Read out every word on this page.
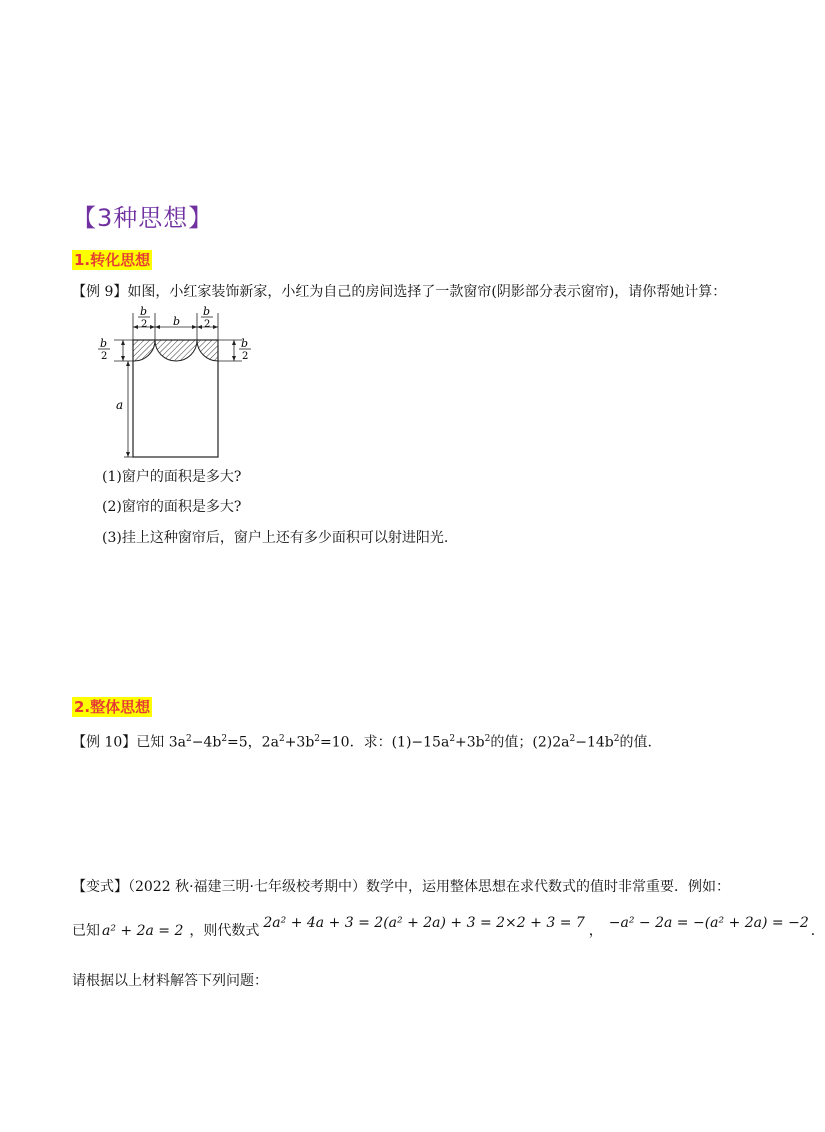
【3种思想】
1.转化思想
【例 9】如图，小红家装饰新家，小红为自己的房间选择了一款窗帘(阴影部分表示窗帘)，请你帮她计算：
b
2 b
b
2
b
2
a
b
2
(1)窗户的面积是多大?
(2)窗帘的面积是多大?
(3)挂上这种窗帘后，窗户上还有多少面积可以射进阳光.
2.整体思想
【例 10】已知 $3a^2-4b^2=5$，$2a^2+3b^2=10$．求：$(1)-15a^2+3b^2$的值；$(2)2a^2-14b^2$的值.
【变式】（2022 秋·福建三明·七年级校考期中）数学中，运用整体思想在求代数式的值时非常重要．例如：
已知 a² + 2a = 2 ，则代数式 2a² + 4a + 3 = 2(a² + 2a) + 3 = 2×2 + 3 = 7 ， −a² − 2a = −(a² + 2a) = −2 ．
请根据以上材料解答下列问题：
